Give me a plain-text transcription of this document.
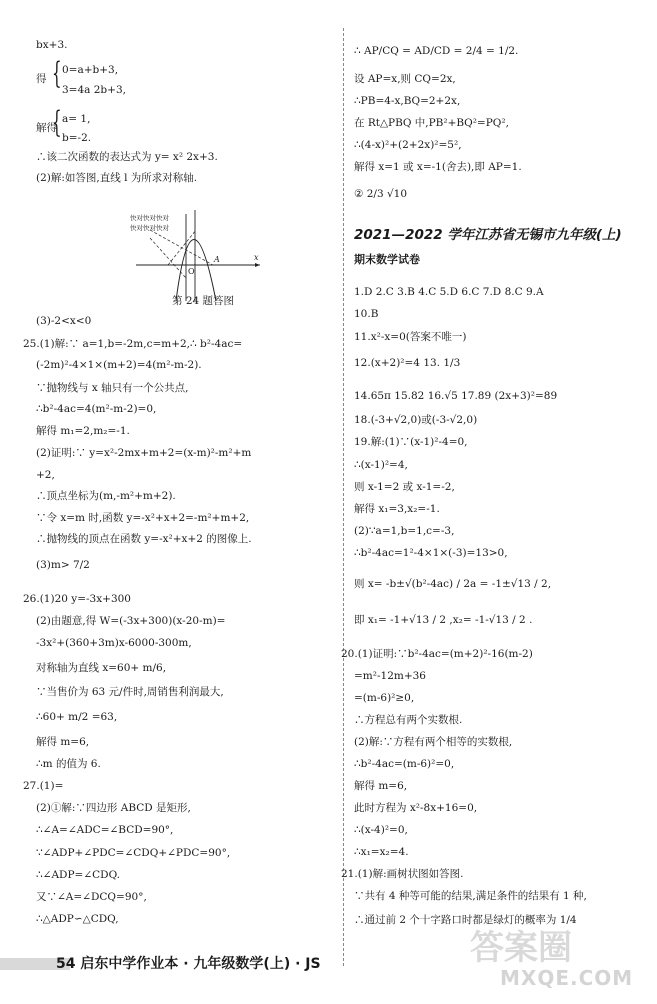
bx+3.
得 { 0=a+b+3,
3=4a 2b+3,
解得
{ a= 1,
b=-2.
∴该二次函数的表达式为 y= x² 2x+3.
(2)解:如答图,直线 l 为所求对称轴.
快对快对快对
快对快对快对
O
A	x
第 24 题答图
(3)-2<x<0
25.(1)解:∵ a=1,b=-2m,c=m+2,∴ b²-4ac=
(-2m)²-4×1×(m+2)=4(m²-m-2).
∵抛物线与 x 轴只有一个公共点,
∴b²-4ac=4(m²-m-2)=0,
解得 m₁=2,m₂=-1.
(2)证明:∵ y=x²-2mx+m+2=(x-m)²-m²+m
+2,
∴顶点坐标为(m,-m²+m+2).
∵令 x=m 时,函数 y=-x²+x+2=-m²+m+2,
∴抛物线的顶点在函数 y=-x²+x+2 的图像上.
(3)m> 7/2
26.(1)20 y=-3x+300
(2)由题意,得 W=(-3x+300)(x-20-m)=
-3x²+(360+3m)x-6000-300m,
对称轴为直线 x=60+ m/6,
∵当售价为 63 元/件时,周销售利润最大,
∴60+ m/2 =63,
解得 m=6,
∴m 的值为 6.
27.(1)=
(2)①解:∵四边形 ABCD 是矩形,
∴∠A=∠ADC=∠BCD=90°,
∵∠ADP+∠PDC=∠CDQ+∠PDC=90°,
∴∠ADP=∠CDQ.
又∵∠A=∠DCQ=90°,
∴△ADP∽△CDQ,
∴ AP/CQ = AD/CD = 2/4 = 1/2.
设 AP=x,则 CQ=2x,
∴PB=4-x,BQ=2+2x,
在 Rt△PBQ 中,PB²+BQ²=PQ²,
∴(4-x)²+(2+2x)²=5²,
解得 x=1 或 x=-1(舍去),即 AP=1.
② 2/3 √10
2021—2022 学年江苏省无锡市九年级(上)
期末数学试卷
1.D 2.C 3.B 4.C 5.D 6.C 7.D 8.C 9.A
10.B
11.x²-x=0(答案不唯一)
12.(x+2)²=4 13. 1/3
14.65π 15.82 16.√5 17.89 (2x+3)²=89
18.(-3+√2,0)或(-3-√2,0)
19.解:(1)∵(x-1)²-4=0,
∴(x-1)²=4,
则 x-1=2 或 x-1=-2,
解得 x₁=3,x₂=-1.
(2)∵a=1,b=1,c=-3,
∴b²-4ac=1²-4×1×(-3)=13>0,
则 x= -b±√(b²-4ac) / 2a = -1±√13 / 2,
即 x₁= -1+√13 / 2 ,x₂= -1-√13 / 2 .
20.(1)证明:∵b²-4ac=(m+2)²-16(m-2)
=m²-12m+36
=(m-6)²≥0,
∴方程总有两个实数根.
(2)解:∵方程有两个相等的实数根,
∴b²-4ac=(m-6)²=0,
解得 m=6,
此时方程为 x²-8x+16=0,
∴(x-4)²=0,
∴x₁=x₂=4.
21.(1)解:画树状图如答图.
∵共有 4 种等可能的结果,满足条件的结果有 1 种,
∴通过前 2 个十字路口时都是绿灯的概率为 1/4
答案圈
MXQE.COM
54 启东中学作业本 · 九年级数学(上) · JS
